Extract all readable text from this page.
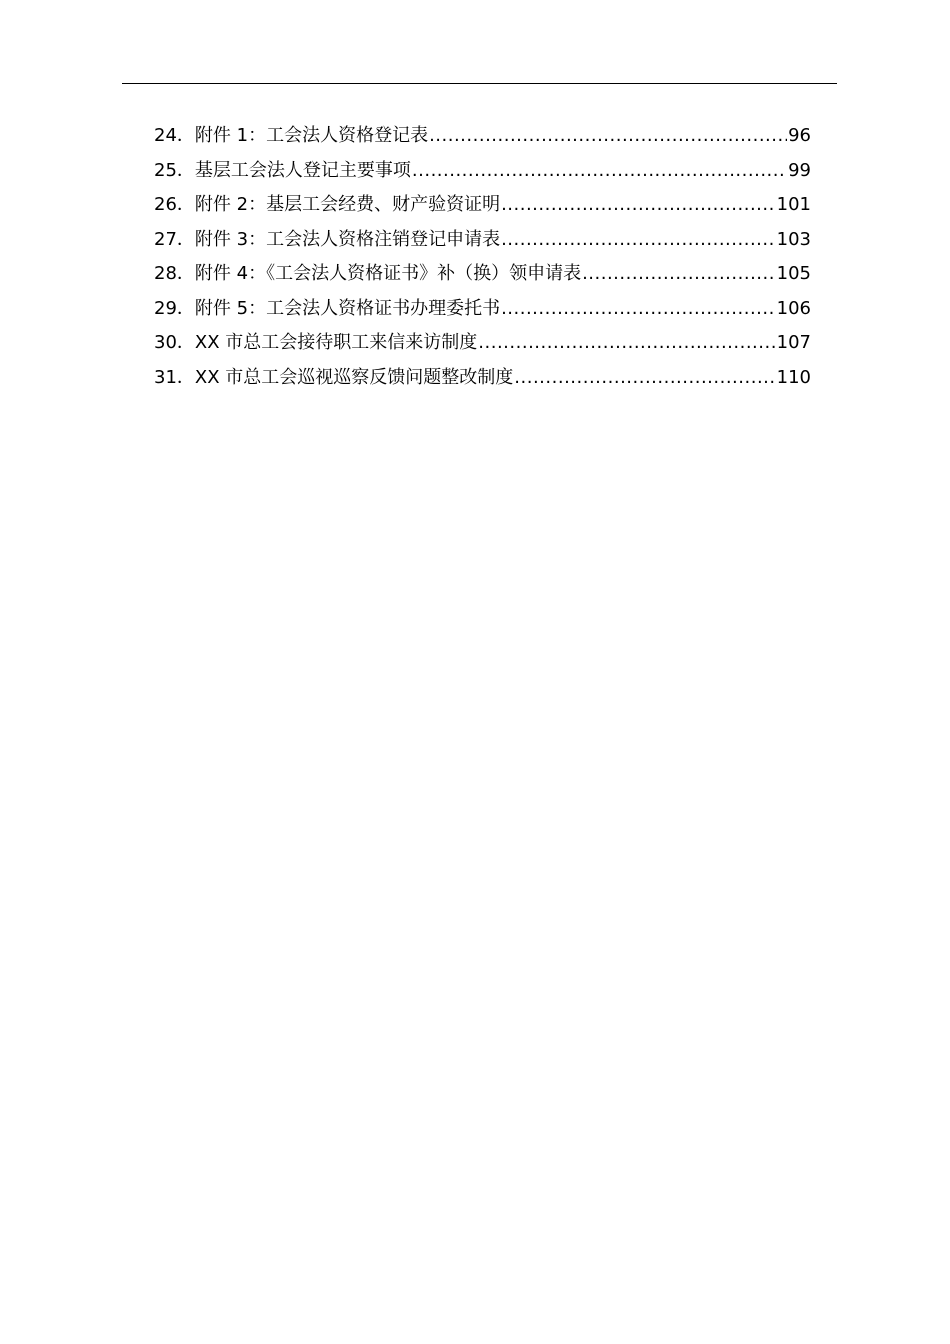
24．附件 1：工会法人资格登记表 .....	96
25．基层工会法人登记主要事项 .....	99
26．附件 2：基层工会经费、财产验资证明 .....	101
27．附件 3：工会法人资格注销登记申请表 .....	103
28．附件 4：《工会法人资格证书》补（换）领申请表 .....	105
29．附件 5：工会法人资格证书办理委托书 .....	106
30．XX 市总工会接待职工来信来访制度 .....	107
31．XX 市总工会巡视巡察反馈问题整改制度 .....	110
